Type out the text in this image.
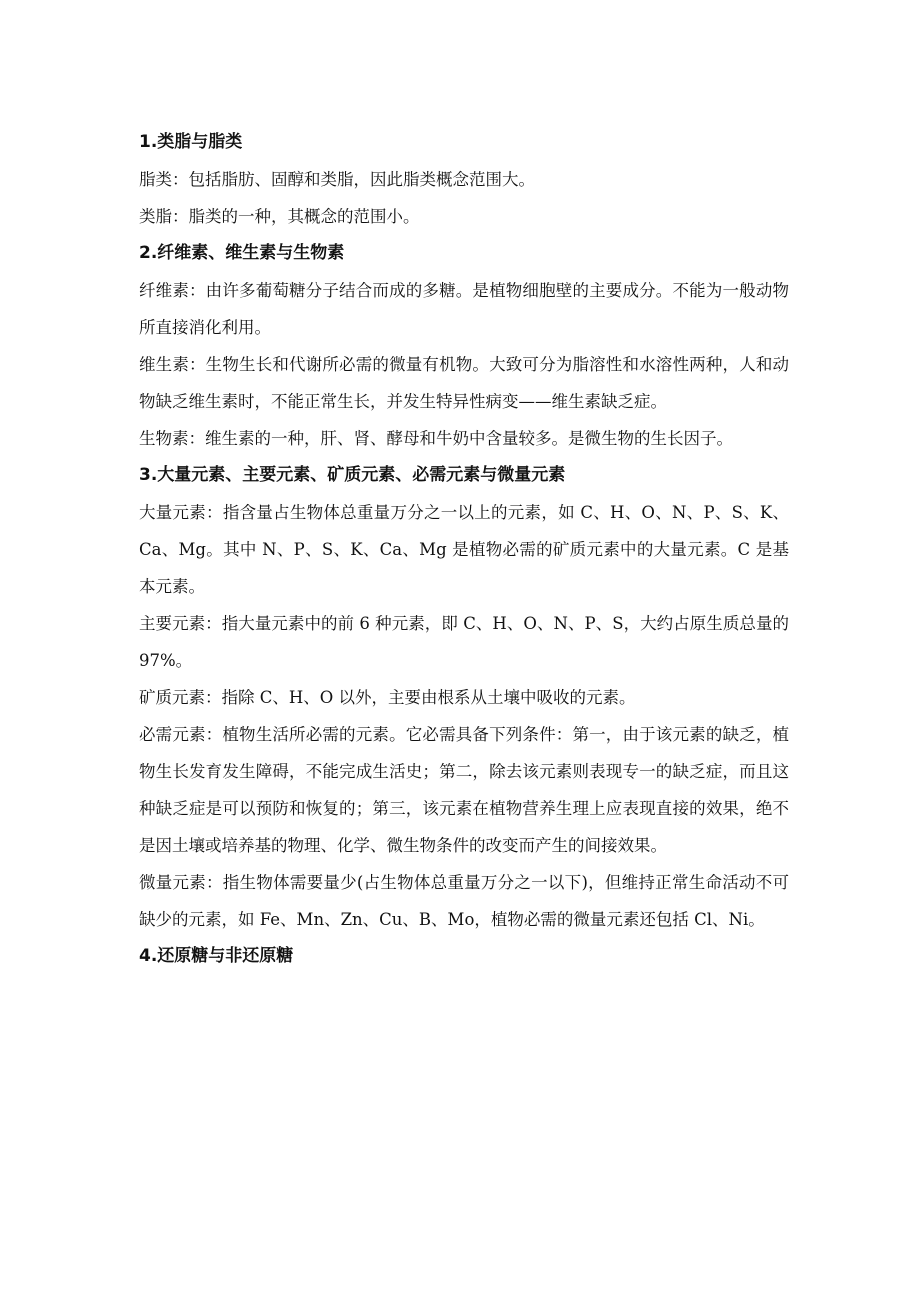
1.类脂与脂类

脂类：包括脂肪、固醇和类脂，因此脂类概念范围大。

类脂：脂类的一种，其概念的范围小。

2.纤维素、维生素与生物素

纤维素：由许多葡萄糖分子结合而成的多糖。是植物细胞壁的主要成分。不能为一般动物所直接消化利用。

维生素：生物生长和代谢所必需的微量有机物。大致可分为脂溶性和水溶性两种，人和动物缺乏维生素时，不能正常生长，并发生特异性病变——维生素缺乏症。

生物素：维生素的一种，肝、肾、酵母和牛奶中含量较多。是微生物的生长因子。

3.大量元素、主要元素、矿质元素、必需元素与微量元素

大量元素：指含量占生物体总重量万分之一以上的元素，如 C、H、O、N、P、S、K、Ca、Mg。其中 N、P、S、K、Ca、Mg 是植物必需的矿质元素中的大量元素。C 是基本元素。

主要元素：指大量元素中的前 6 种元素，即 C、H、O、N、P、S，大约占原生质总量的 97%。

矿质元素：指除 C、H、O 以外，主要由根系从土壤中吸收的元素。

必需元素：植物生活所必需的元素。它必需具备下列条件：第一，由于该元素的缺乏，植物生长发育发生障碍，不能完成生活史；第二，除去该元素则表现专一的缺乏症，而且这种缺乏症是可以预防和恢复的；第三，该元素在植物营养生理上应表现直接的效果，绝不是因土壤或培养基的物理、化学、微生物条件的改变而产生的间接效果。

微量元素：指生物体需要量少(占生物体总重量万分之一以下)，但维持正常生命活动不可缺少的元素，如 Fe、Mn、Zn、Cu、B、Mo，植物必需的微量元素还包括 Cl、Ni。

4.还原糖与非还原糖
